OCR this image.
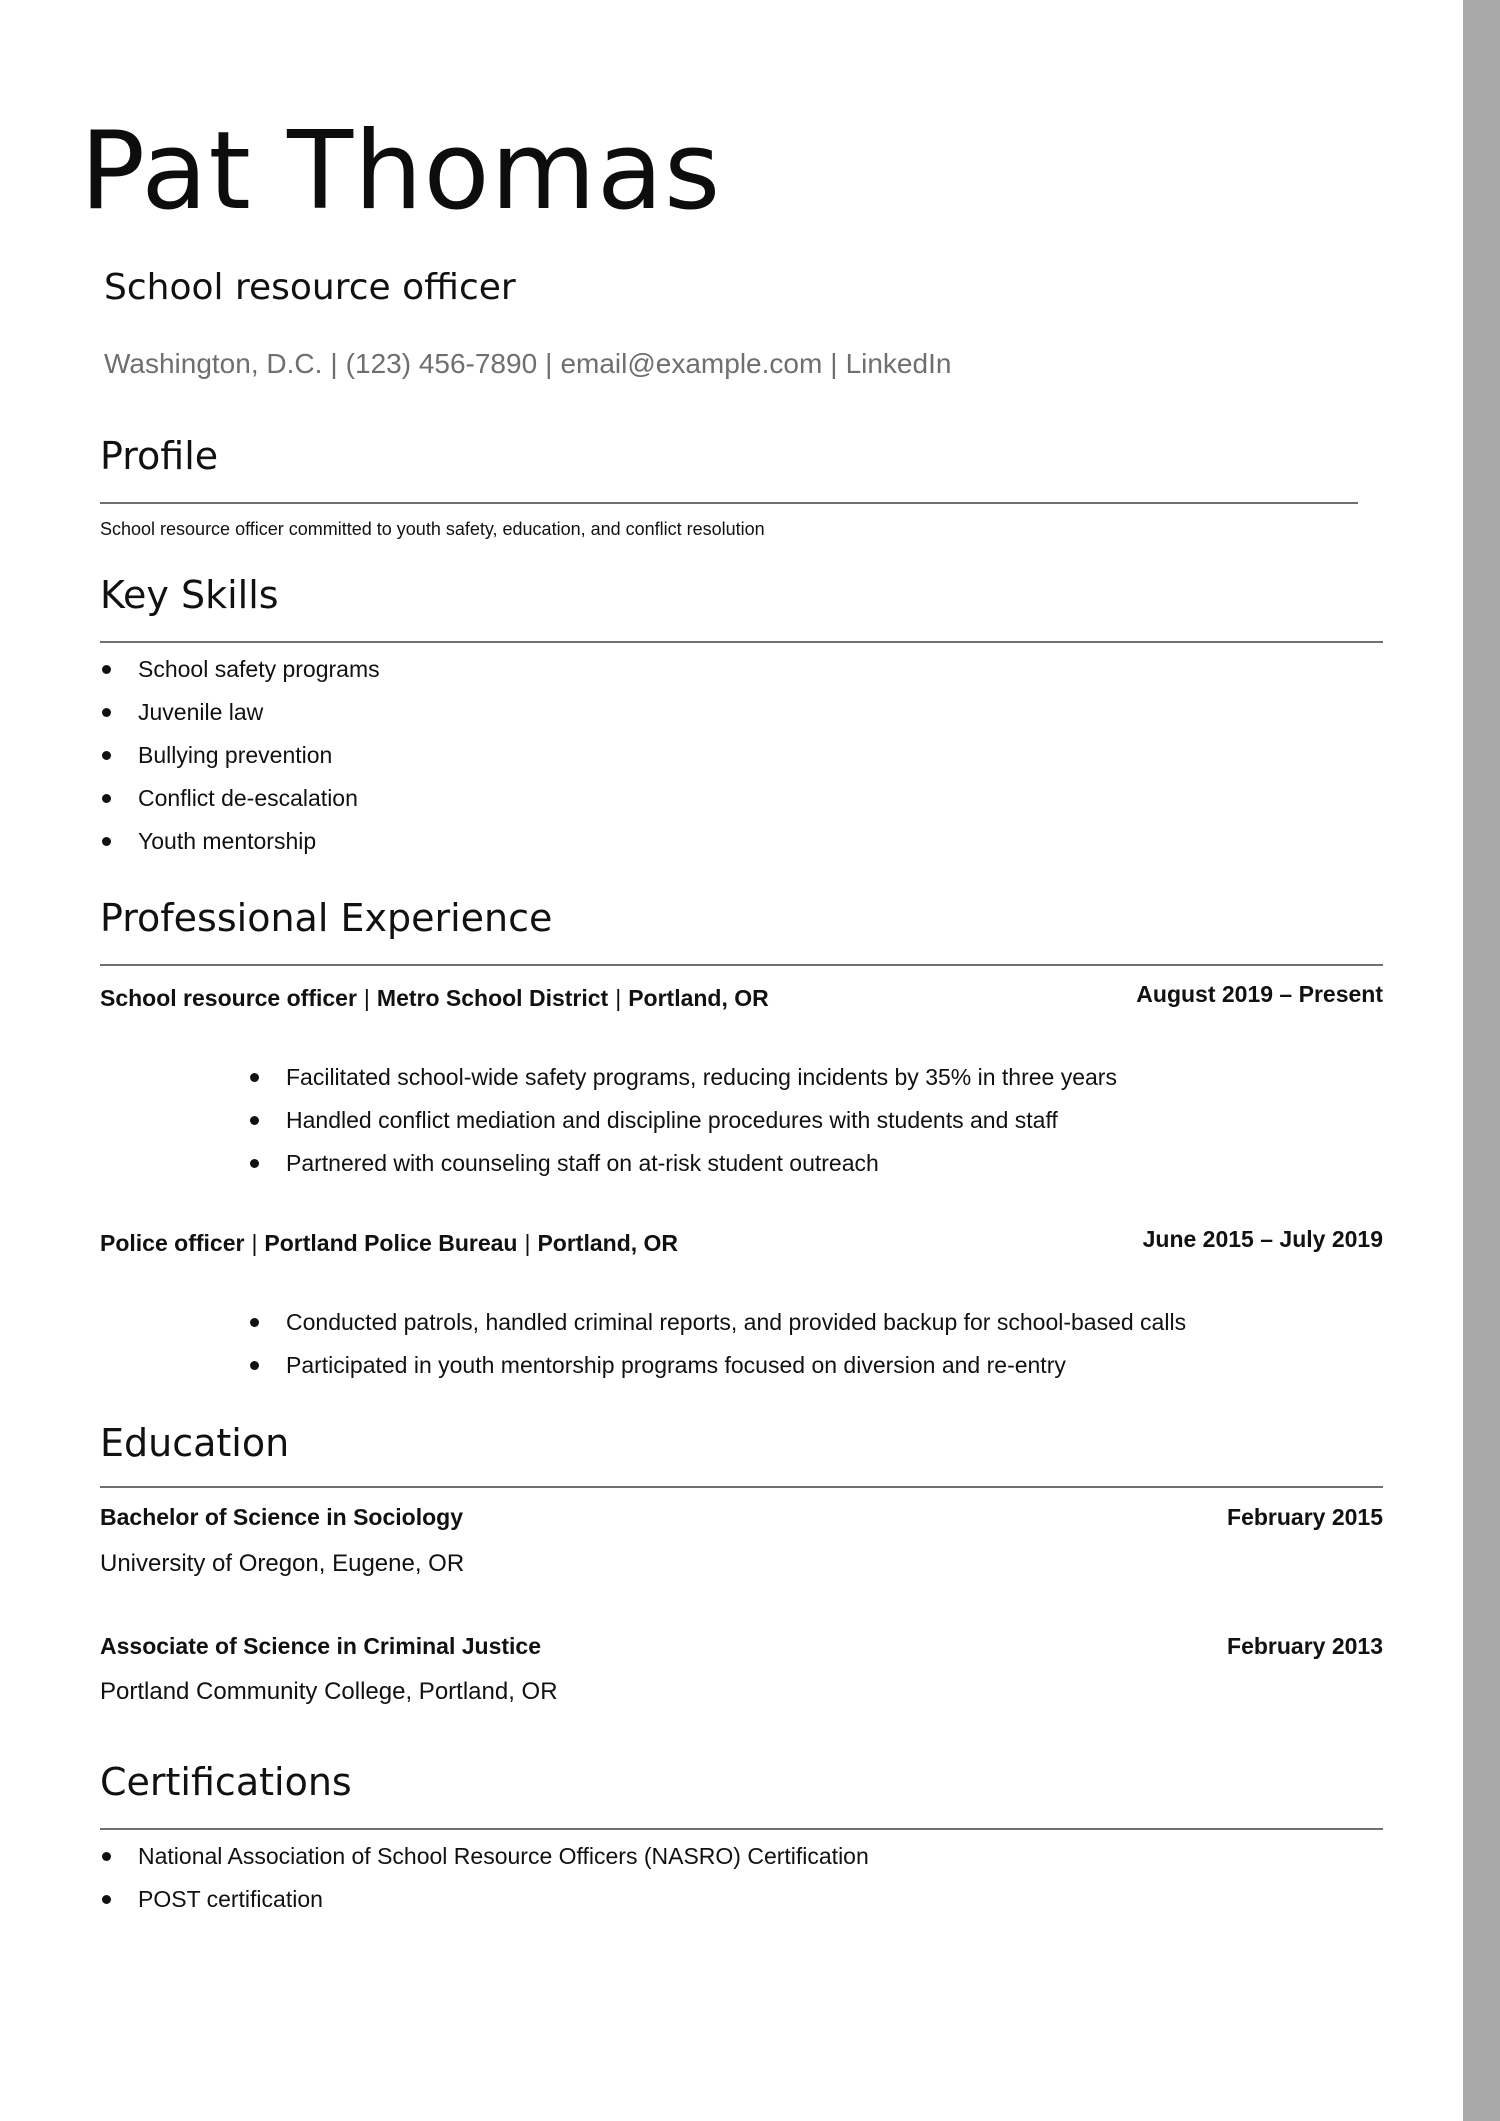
Pat Thomas
School resource officer
Washington, D.C. | (123) 456-7890 | email@example.com | LinkedIn
Profile
School resource officer committed to youth safety, education, and conflict resolution
Key Skills
School safety programs
Juvenile law
Bullying prevention
Conflict de-escalation
Youth mentorship
Professional Experience
School resource officer | Metro School District | Portland, OR	August 2019 – Present
Facilitated school-wide safety programs, reducing incidents by 35% in three years
Handled conflict mediation and discipline procedures with students and staff
Partnered with counseling staff on at-risk student outreach
Police officer | Portland Police Bureau | Portland, OR	June 2015 – July 2019
Conducted patrols, handled criminal reports, and provided backup for school-based calls
Participated in youth mentorship programs focused on diversion and re-entry
Education
Bachelor of Science in Sociology	February 2015
University of Oregon, Eugene, OR
Associate of Science in Criminal Justice	February 2013
Portland Community College, Portland, OR
Certifications
National Association of School Resource Officers (NASRO) Certification
POST certification
